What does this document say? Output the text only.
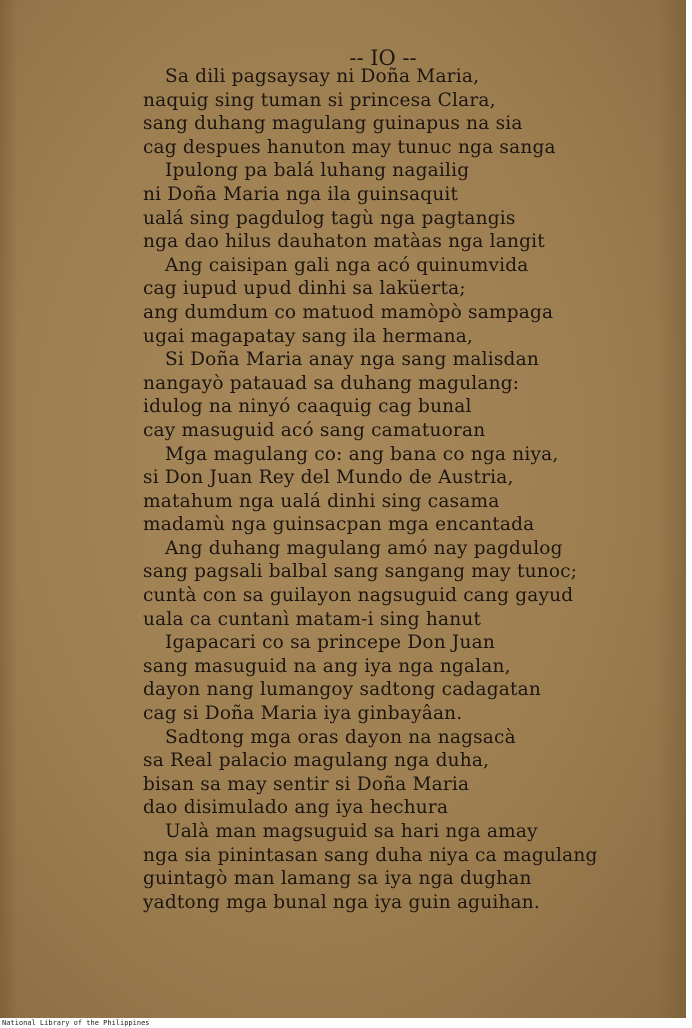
-- IO --
Sa dili pagsaysay ni Doña Maria,
naquig sing tuman si princesa Clara,
sang duhang magulang guinapus na sia
cag despues hanuton may tunuc nga sanga
Ipulong pa balá luhang nagailig
ni Doña Maria nga ila guinsaquit
ualá sing pagdulog tagù nga pagtangis
nga dao hilus dauhaton matàas nga langit
Ang caisipan gali nga acó quinumvida
cag iupud upud dinhi sa laküerta;
ang dumdum co matuod mamòpò sampaga
ugai magapatay sang ila hermana,
Si Doña Maria anay nga sang malisdan
nangayò patauad sa duhang magulang:
idulog na ninyó caaquig cag bunal
cay masuguid acó sang camatuoran
Mga magulang co: ang bana co nga niya,
si Don Juan Rey del Mundo de Austria,
matahum nga ualá dinhi sing casama
madamù nga guinsacpan mga encantada
Ang duhang magulang amó nay pagdulog
sang pagsali balbal sang sangang may tunoc;
cuntà con sa guilayon nagsuguid cang gayud
uala ca cuntanì matam-i sing hanut
Igapacari co sa princepe Don Juan
sang masuguid na ang iya nga ngalan,
dayon nang lumangoy sadtong cadagatan
cag si Doña Maria iya ginbayâan.
Sadtong mga oras dayon na nagsacà
sa Real palacio magulang nga duha,
bisan sa may sentir si Doña Maria
dao disimulado ang iya hechura
Ualà man magsuguid sa hari nga amay
nga sia pinintasan sang duha niya ca magulang
guintagò man lamang sa iya nga dughan
yadtong mga bunal nga iya guin aguihan.
National Library of the Philippines
